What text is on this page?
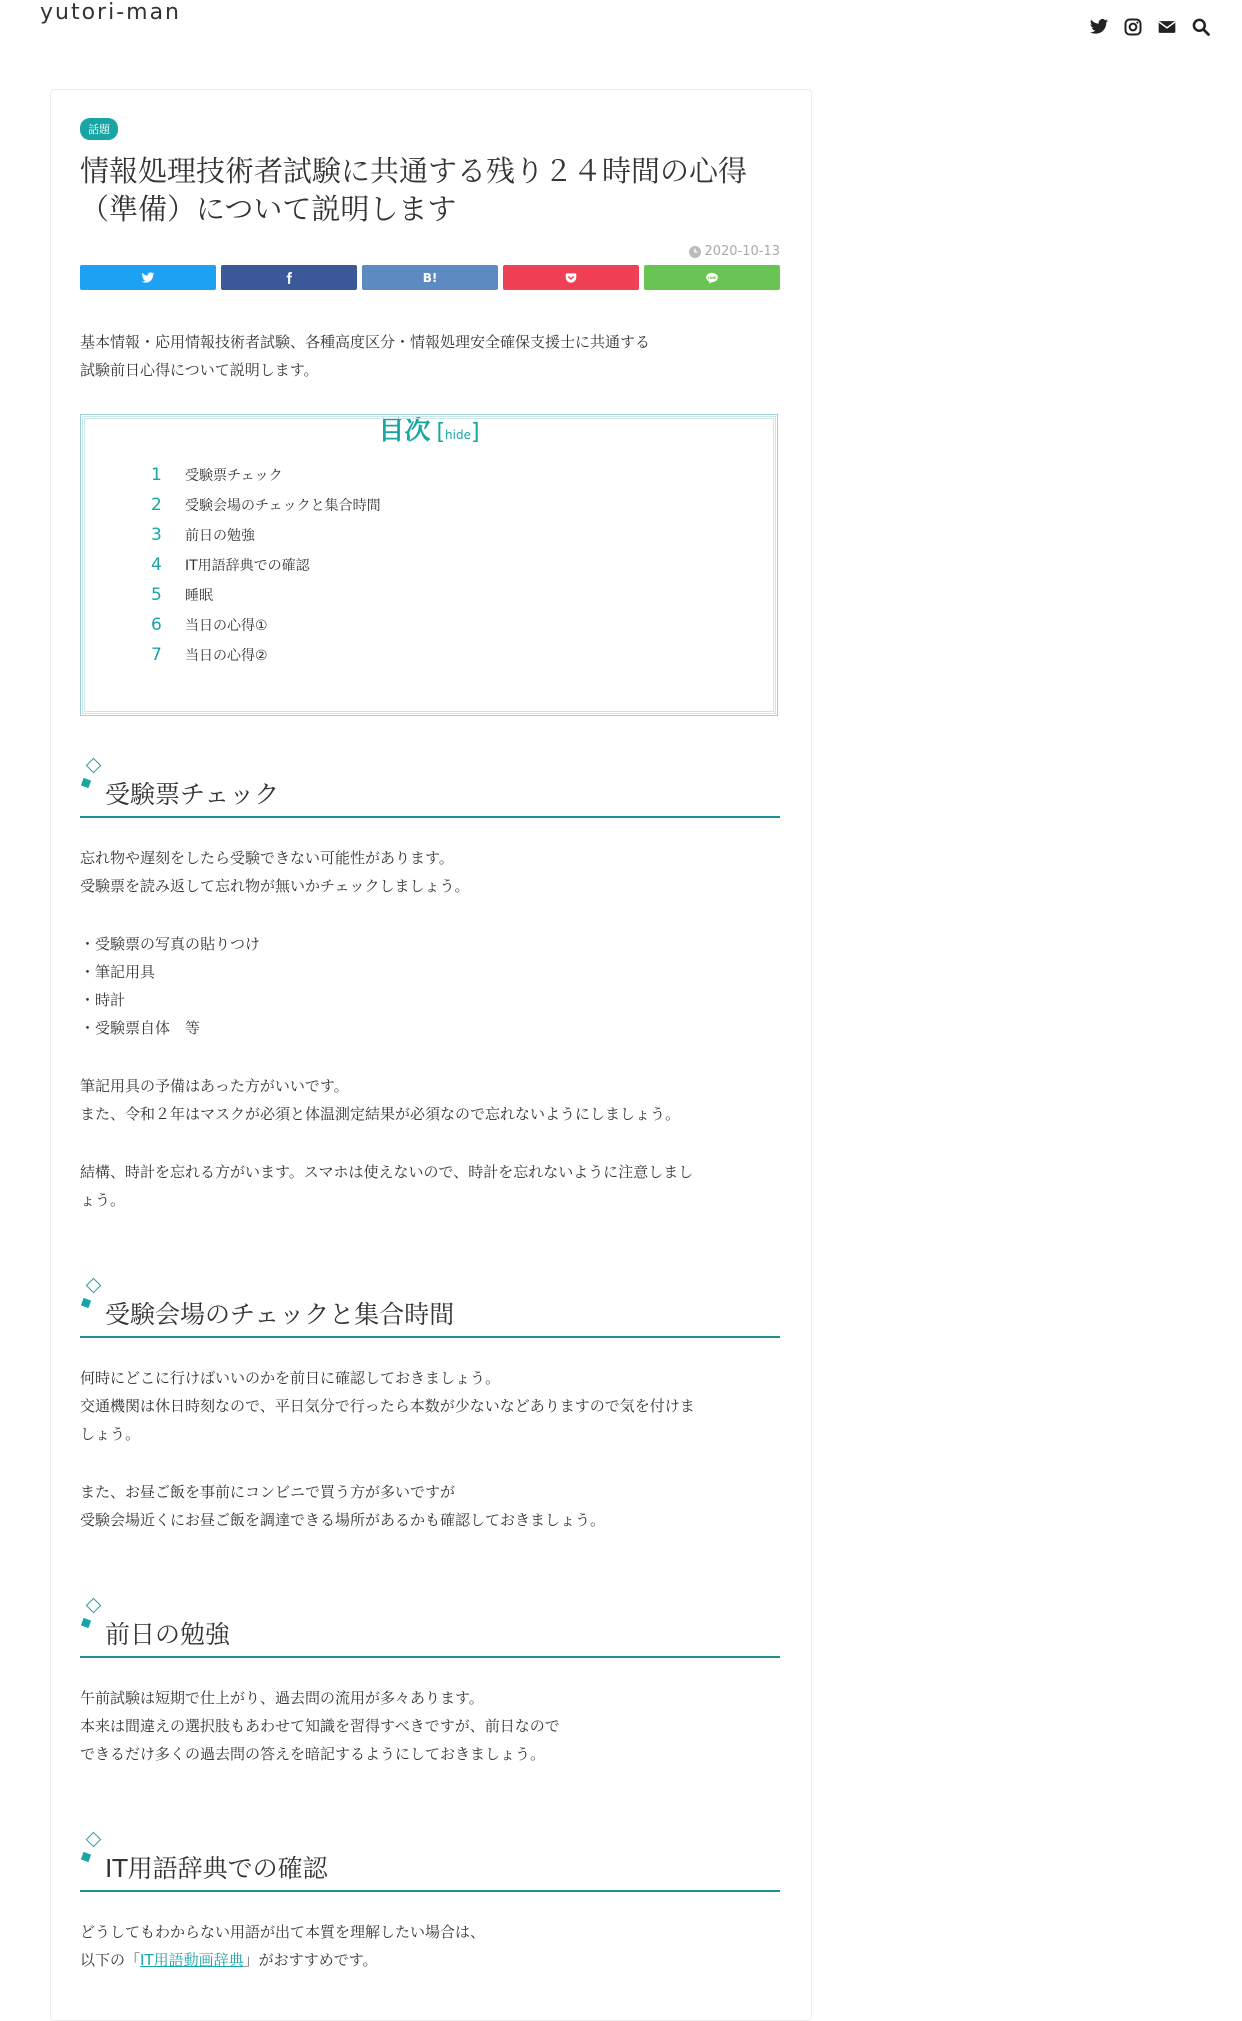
yutori-man
話題
情報処理技術者試験に共通する残り２４時間の心得（準備）について説明します
2020-10-13
B!	LINE

基本情報・応用情報技術者試験、各種高度区分・情報処理安全確保支援士に共通する

試験前日心得について説明します。

目次 [hide]
1	受験票チェック
2	受験会場のチェックと集合時間
3	前日の勉強
4	IT用語辞典での確認
5	睡眠
6	当日の心得①
7	当日の心得②
受験票チェック

忘れ物や遅刻をしたら受験できない可能性があります。

受験票を読み返して忘れ物が無いかチェックしましょう。

・受験票の写真の貼りつけ

・筆記用具

・時計

・受験票自体　等

筆記用具の予備はあった方がいいです。

また、令和２年はマスクが必須と体温測定結果が必須なので忘れないようにしましょう。

結構、時計を忘れる方がいます。スマホは使えないので、時計を忘れないように注意しまし

ょう。

受験会場のチェックと集合時間

何時にどこに行けばいいのかを前日に確認しておきましょう。

交通機関は休日時刻なので、平日気分で行ったら本数が少ないなどありますので気を付けま

しょう。

また、お昼ご飯を事前にコンビニで買う方が多いですが

受験会場近くにお昼ご飯を調達できる場所があるかも確認しておきましょう。

前日の勉強

午前試験は短期で仕上がり、過去問の流用が多々あります。

本来は間違えの選択肢もあわせて知識を習得すべきですが、前日なので

できるだけ多くの過去問の答えを暗記するようにしておきましょう。

IT用語辞典での確認

どうしてもわからない用語が出て本質を理解したい場合は、

以下の「IT用語動画辞典」がおすすめです。
